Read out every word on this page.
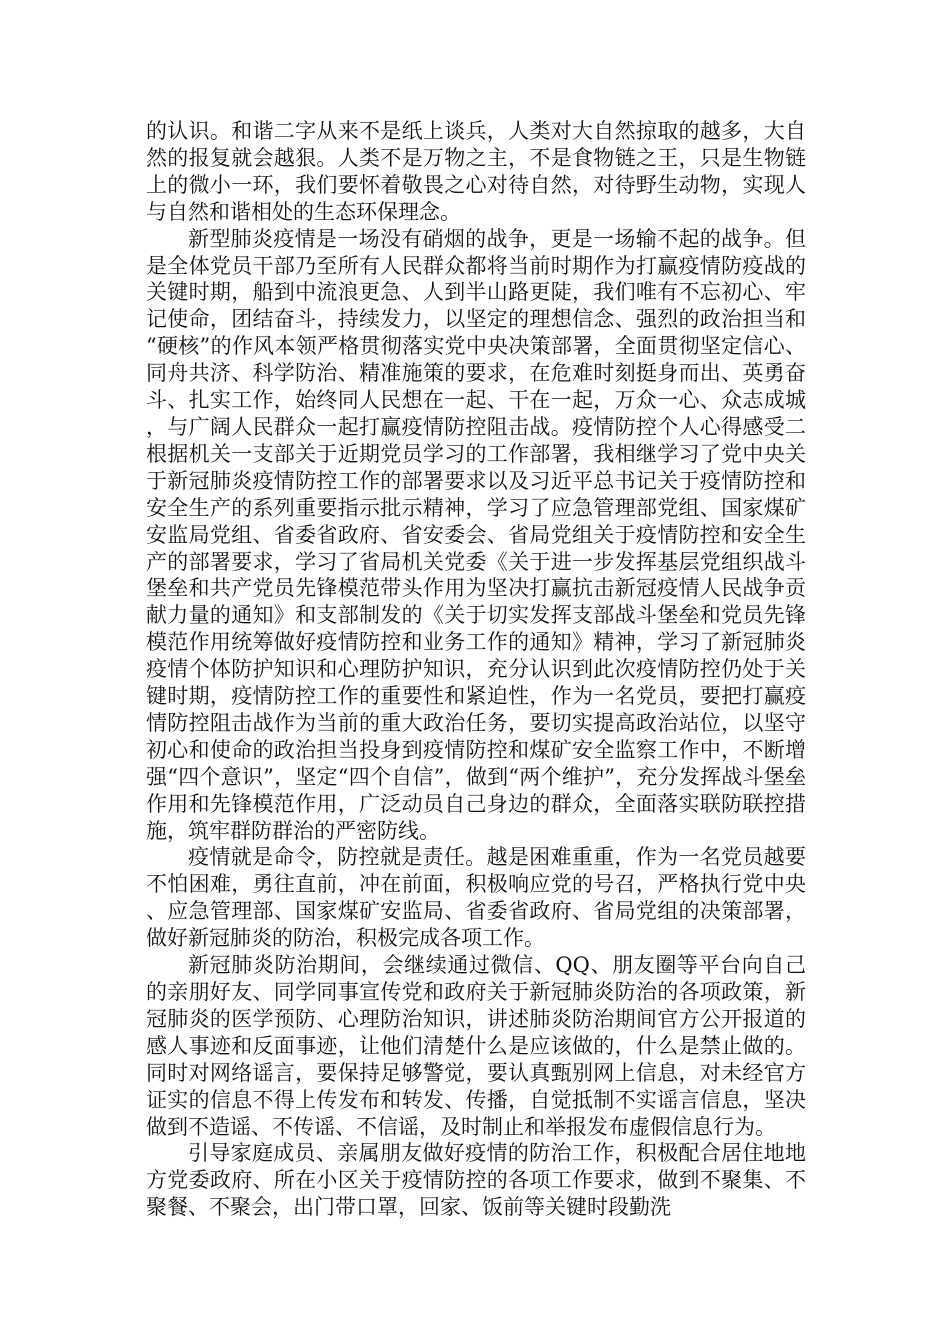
的认识。和谐二字从来不是纸上谈兵，人类对大自然掠取的越多，大自然的报复就会越狠。人类不是万物之主，不是食物链之王，只是生物链上的微小一环，我们要怀着敬畏之心对待自然，对待野生动物，实现人与自然和谐相处的生态环保理念。

新型肺炎疫情是一场没有硝烟的战争，更是一场输不起的战争。但是全体党员干部乃至所有人民群众都将当前时期作为打赢疫情防疫战的关键时期，船到中流浪更急、人到半山路更陡，我们唯有不忘初心、牢记使命，团结奋斗，持续发力，以坚定的理想信念、强烈的政治担当和“硬核”的作风本领严格贯彻落实党中央决策部署，全面贯彻坚定信心、同舟共济、科学防治、精准施策的要求，在危难时刻挺身而出、英勇奋斗、扎实工作，始终同人民想在一起、干在一起，万众一心、众志成城，与广阔人民群众一起打赢疫情防控阻击战。疫情防控个人心得感受二根据机关一支部关于近期党员学习的工作部署，我相继学习了党中央关于新冠肺炎疫情防控工作的部署要求以及习近平总书记关于疫情防控和安全生产的系列重要指示批示精神，学习了应急管理部党组、国家煤矿安监局党组、省委省政府、省安委会、省局党组关于疫情防控和安全生产的部署要求，学习了省局机关党委《关于进一步发挥基层党组织战斗堡垒和共产党员先锋模范带头作用为坚决打赢抗击新冠疫情人民战争贡献力量的通知》和支部制发的《关于切实发挥支部战斗堡垒和党员先锋模范作用统筹做好疫情防控和业务工作的通知》精神，学习了新冠肺炎疫情个体防护知识和心理防护知识，充分认识到此次疫情防控仍处于关键时期，疫情防控工作的重要性和紧迫性，作为一名党员，要把打赢疫情防控阻击战作为当前的重大政治任务，要切实提高政治站位，以坚守初心和使命的政治担当投身到疫情防控和煤矿安全监察工作中，不断增强“四个意识”，坚定“四个自信”，做到“两个维护”，充分发挥战斗堡垒作用和先锋模范作用，广泛动员自己身边的群众，全面落实联防联控措施，筑牢群防群治的严密防线。

疫情就是命令，防控就是责任。越是困难重重，作为一名党员越要不怕困难，勇往直前，冲在前面，积极响应党的号召，严格执行党中央、应急管理部、国家煤矿安监局、省委省政府、省局党组的决策部署，做好新冠肺炎的防治，积极完成各项工作。

新冠肺炎防治期间，会继续通过微信、QQ、朋友圈等平台向自己的亲朋好友、同学同事宣传党和政府关于新冠肺炎防治的各项政策，新冠肺炎的医学预防、心理防治知识，讲述肺炎防治期间官方公开报道的感人事迹和反面事迹，让他们清楚什么是应该做的，什么是禁止做的。同时对网络谣言，要保持足够警觉，要认真甄别网上信息，对未经官方证实的信息不得上传发布和转发、传播，自觉抵制不实谣言信息，坚决做到不造谣、不传谣、不信谣，及时制止和举报发布虚假信息行为。

引导家庭成员、亲属朋友做好疫情的防治工作，积极配合居住地地方党委政府、所在小区关于疫情防控的各项工作要求，做到不聚集、不聚餐、不聚会，出门带口罩，回家、饭前等关键时段勤洗
